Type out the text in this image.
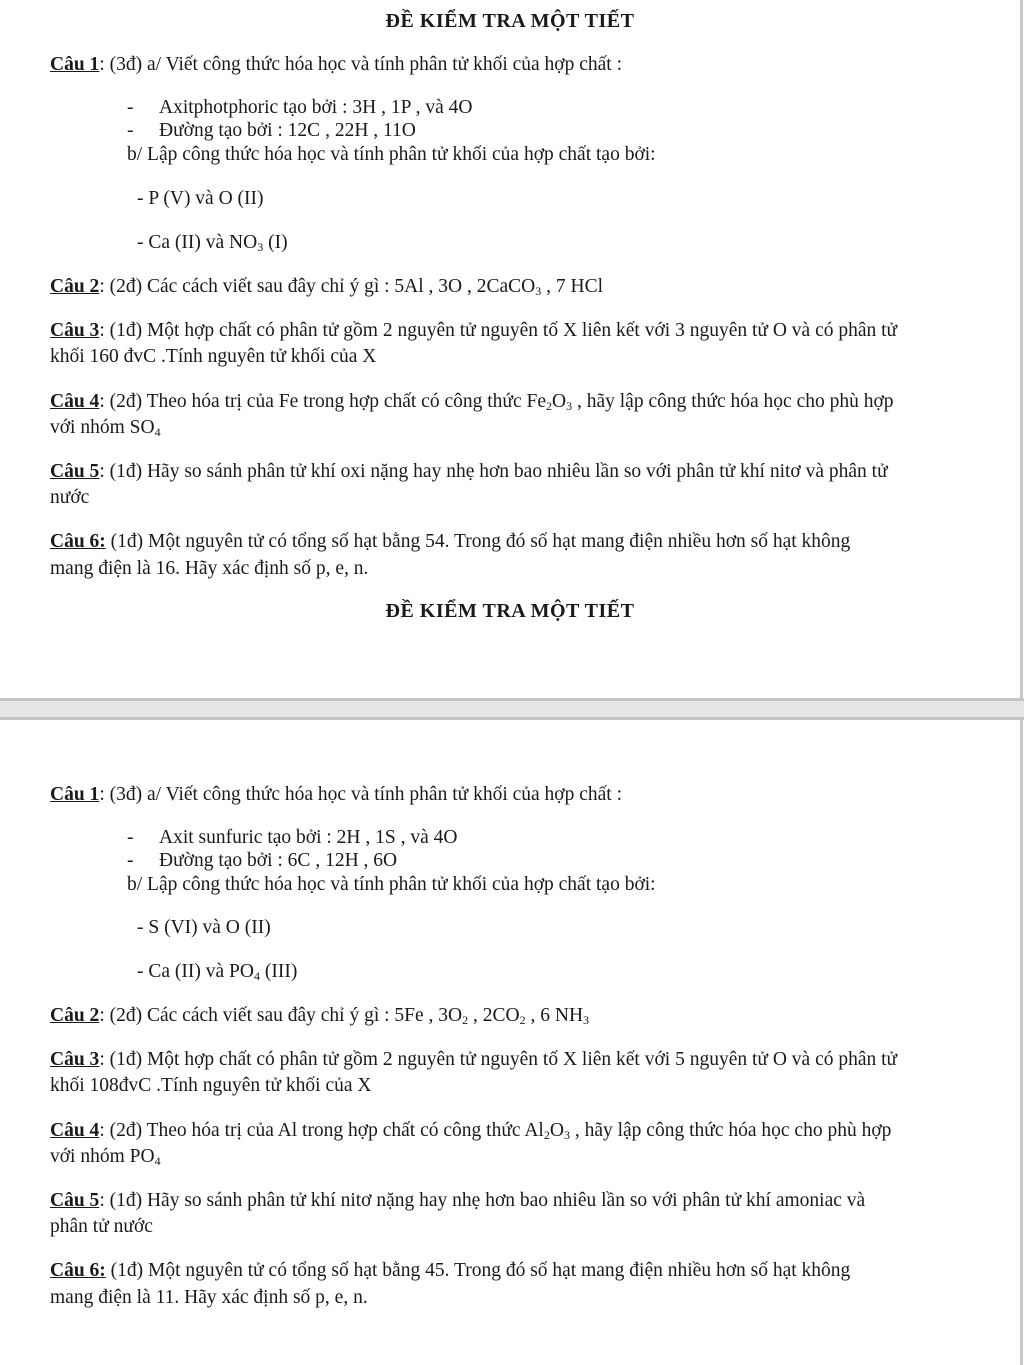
ĐỀ KIỂM TRA MỘT TIẾT
Câu 1: (3đ) a/ Viết công thức hóa học và tính phân tử khối của hợp chất :
- Axitphotphoric tạo bởi : 3H , 1P , và 4O
- Đường tạo bởi : 12C , 22H , 11O
b/ Lập công thức hóa học và tính phân tử khối của hợp chất tạo bởi:
- P (V) và O (II)
- Ca (II) và $NO_3$ (I)
Câu 2: (2đ) Các cách viết sau đây chỉ ý gì : 5Al , 3O , 2CaCO$_3$ , 7 HCl
Câu 3: (1đ) Một hợp chất có phân tử gồm 2 nguyên tử nguyên tố X liên kết với 3 nguyên tử O và có phân tử
khối 160 đvC .Tính nguyên tử khối của X
Câu 4: (2đ) Theo hóa trị của Fe trong hợp chất có công thức $Fe_2O_3$ , hãy lập công thức hóa học cho phù hợp
với nhóm $SO_4$
Câu 5: (1đ) Hãy so sánh phân tử khí oxi nặng hay nhẹ hơn bao nhiêu lần so với phân tử khí nitơ và phân tử
nước
Câu 6: (1đ) Một nguyên tử có tổng số hạt bằng 54. Trong đó số hạt mang điện nhiều hơn số hạt không
mang điện là 16. Hãy xác định số p, e, n.
ĐỀ KIỂM TRA MỘT TIẾT
Câu 1: (3đ) a/ Viết công thức hóa học và tính phân tử khối của hợp chất :
- Axit sunfuric tạo bởi : 2H , 1S , và 4O
- Đường tạo bởi : 6C , 12H , 6O
b/ Lập công thức hóa học và tính phân tử khối của hợp chất tạo bởi:
- S (VI) và O (II)
- Ca (II) và $PO_4$ (III)
Câu 2: (2đ) Các cách viết sau đây chỉ ý gì : 5Fe , $3O_2$ , $2CO_2$ , 6 $NH_3$
Câu 3: (1đ) Một hợp chất có phân tử gồm 2 nguyên tử nguyên tố X liên kết với 5 nguyên tử O và có phân tử
khối 108đvC .Tính nguyên tử khối của X
Câu 4: (2đ) Theo hóa trị của Al trong hợp chất có công thức $Al_2O_3$ , hãy lập công thức hóa học cho phù hợp
với nhóm $PO_4$
Câu 5: (1đ) Hãy so sánh phân tử khí nitơ nặng hay nhẹ hơn bao nhiêu lần so với phân tử khí amoniac và
phân tử nước
Câu 6: (1đ) Một nguyên tử có tổng số hạt bằng 45. Trong đó số hạt mang điện nhiều hơn số hạt không
mang điện là 11. Hãy xác định số p, e, n.
